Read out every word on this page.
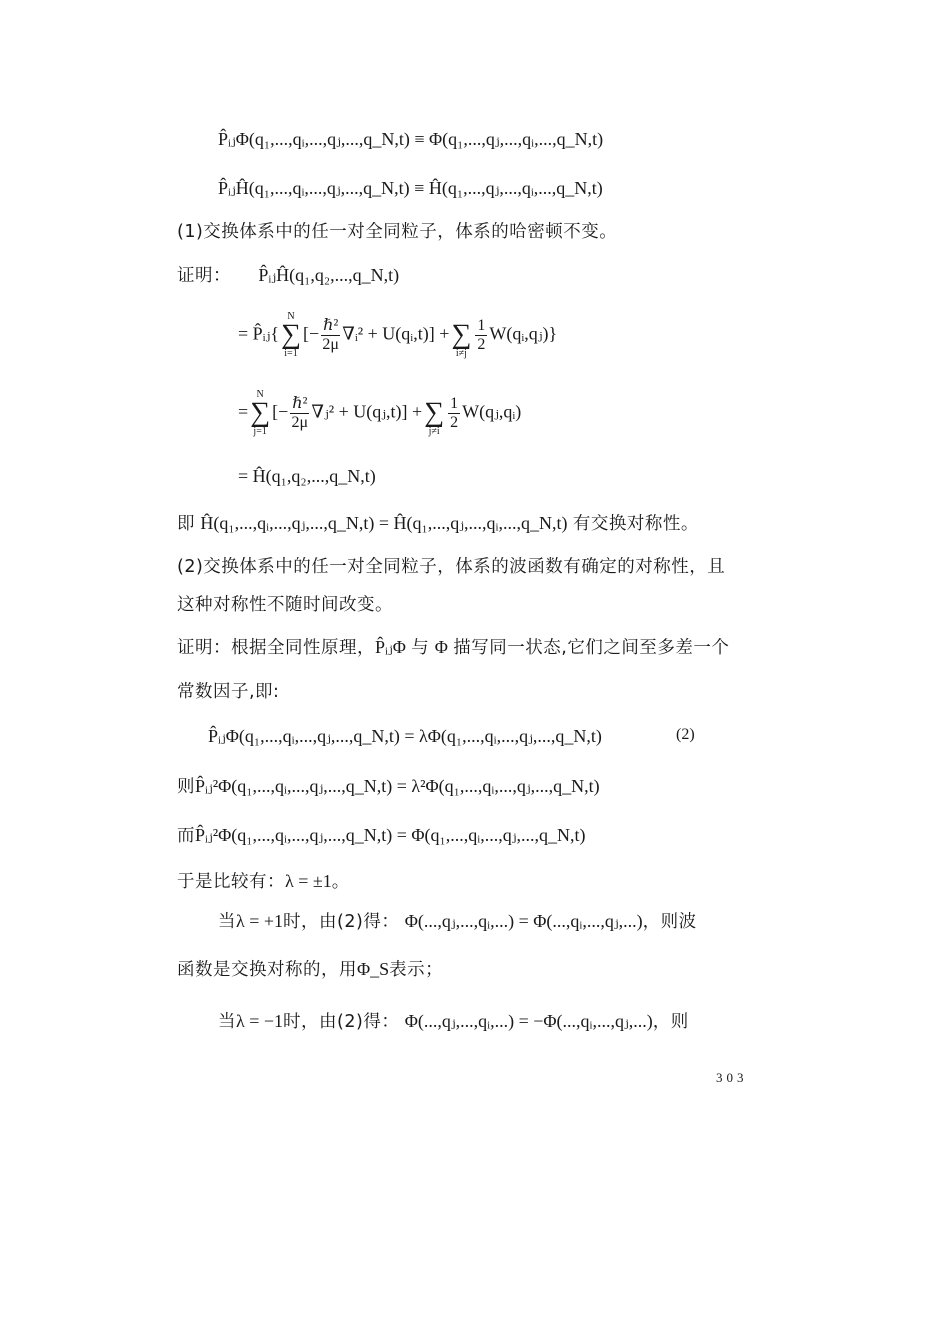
P̂ᵢⱼΦ(q₁,...,qᵢ,...,qⱼ,...,q_N,t) ≡ Φ(q₁,...,qⱼ,...,qᵢ,...,q_N,t)
P̂ᵢⱼĤ(q₁,...,qᵢ,...,qⱼ,...,q_N,t) ≡ Ĥ(q₁,...,qⱼ,...,qᵢ,...,q_N,t)
(1)交换体系中的任一对全同粒子，体系的哈密顿不变。
证明： P̂ᵢⱼĤ(q₁,q₂,...,q_N,t)
= P̂ᵢⱼ{
N
∑
i=1
[− $\frac{\text{ℏ²}}{2\mu}$ ∇ᵢ² + U(qᵢ,t)] +
∑
i≠j
$\frac{1}{2}$ W(qᵢ,qⱼ)}
=
N
∑
j=1
[− $\frac{\text{ℏ²}}{2\mu}$ ∇ⱼ² + U(qⱼ,t)] +
∑
j≠i
$\frac{1}{2}$ W(qⱼ,qᵢ)
= Ĥ(q₁,q₂,...,q_N,t)
即 Ĥ(q₁,...,qᵢ,...,qⱼ,...,q_N,t) = Ĥ(q₁,...,qⱼ,...,qᵢ,...,q_N,t) 有交换对称性。
(2)交换体系中的任一对全同粒子，体系的波函数有确定的对称性，且
这种对称性不随时间改变。
证明：根据全同性原理，P̂ᵢⱼΦ 与 Φ 描写同一状态,它们之间至多差一个
常数因子,即:
P̂ᵢⱼΦ(q₁,...,qᵢ,...,qⱼ,...,q_N,t) = λΦ(q₁,...,qᵢ,...,qⱼ,...,q_N,t)	(2)
则P̂ᵢⱼ²Φ(q₁,...,qᵢ,...,qⱼ,...,q_N,t) = λ²Φ(q₁,...,qᵢ,...,qⱼ,...,q_N,t)
而P̂ᵢⱼ²Φ(q₁,...,qᵢ,...,qⱼ,...,q_N,t) = Φ(q₁,...,qᵢ,...,qⱼ,...,q_N,t)
于是比较有：λ = ±1。
当λ = +1时，由(2)得： Φ(...,qⱼ,...,qᵢ,...) = Φ(...,qᵢ,...,qⱼ,...)，则波
函数是交换对称的，用Φ_S表示；
当λ = −1时，由(2)得： Φ(...,qⱼ,...,qᵢ,...) = −Φ(...,qᵢ,...,qⱼ,...)，则
303
